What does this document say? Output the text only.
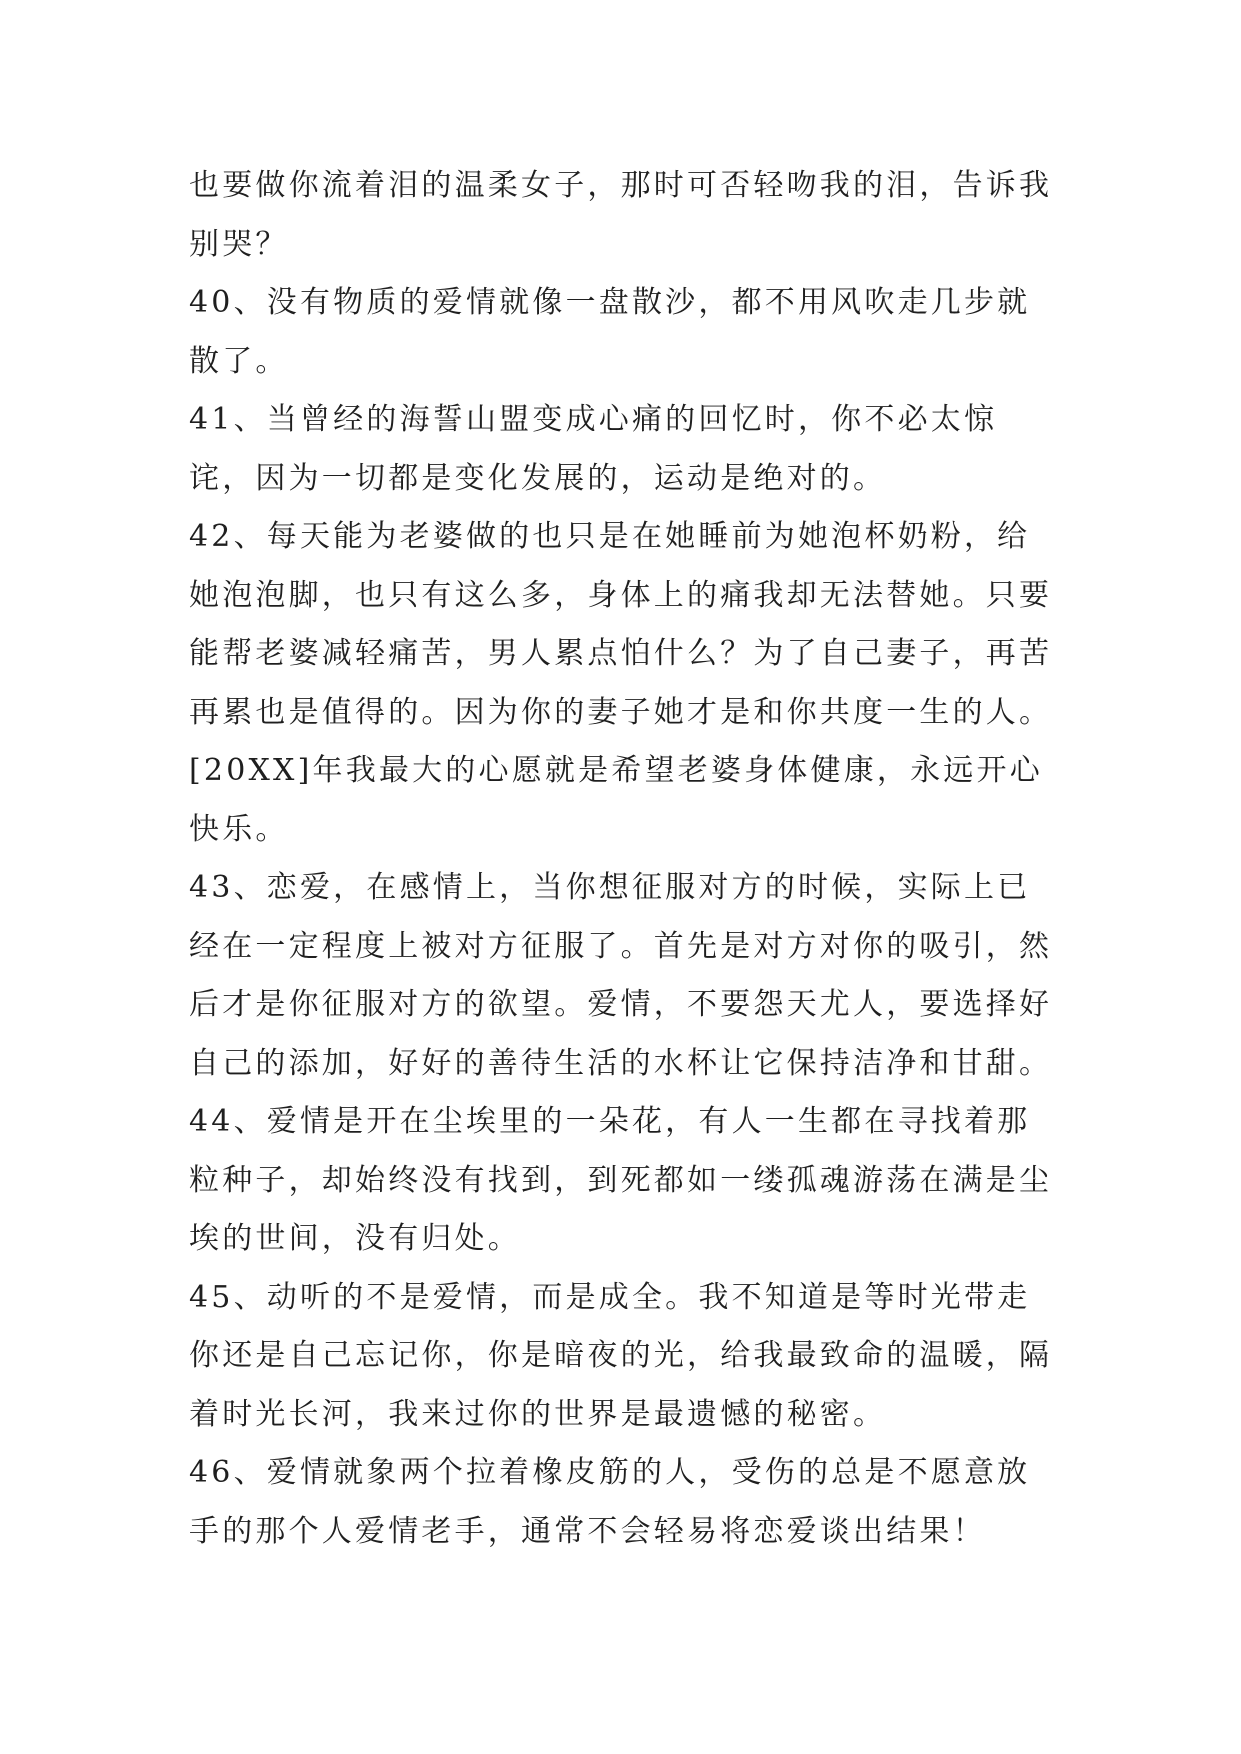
也要做你流着泪的温柔女子，那时可否轻吻我的泪，告诉我别哭？

40、没有物质的爱情就像一盘散沙，都不用风吹走几步就散了。

41、当曾经的海誓山盟变成心痛的回忆时，你不必太惊诧，因为一切都是变化发展的，运动是绝对的。

42、每天能为老婆做的也只是在她睡前为她泡杯奶粉，给她泡泡脚，也只有这么多，身体上的痛我却无法替她。只要能帮老婆减轻痛苦，男人累点怕什么？为了自己妻子，再苦再累也是值得的。因为你的妻子她才是和你共度一生的人。[20XX]年我最大的心愿就是希望老婆身体健康，永远开心快乐。

43、恋爱，在感情上，当你想征服对方的时候，实际上已经在一定程度上被对方征服了。首先是对方对你的吸引，然后才是你征服对方的欲望。爱情，不要怨天尤人，要选择好自己的添加，好好的善待生活的水杯让它保持洁净和甘甜。

44、爱情是开在尘埃里的一朵花，有人一生都在寻找着那粒种子，却始终没有找到，到死都如一缕孤魂游荡在满是尘埃的世间，没有归处。

45、动听的不是爱情，而是成全。我不知道是等时光带走你还是自己忘记你，你是暗夜的光，给我最致命的温暖，隔着时光长河，我来过你的世界是最遗憾的秘密。

46、爱情就象两个拉着橡皮筋的人，受伤的总是不愿意放手的那个人爱情老手，通常不会轻易将恋爱谈出结果！
